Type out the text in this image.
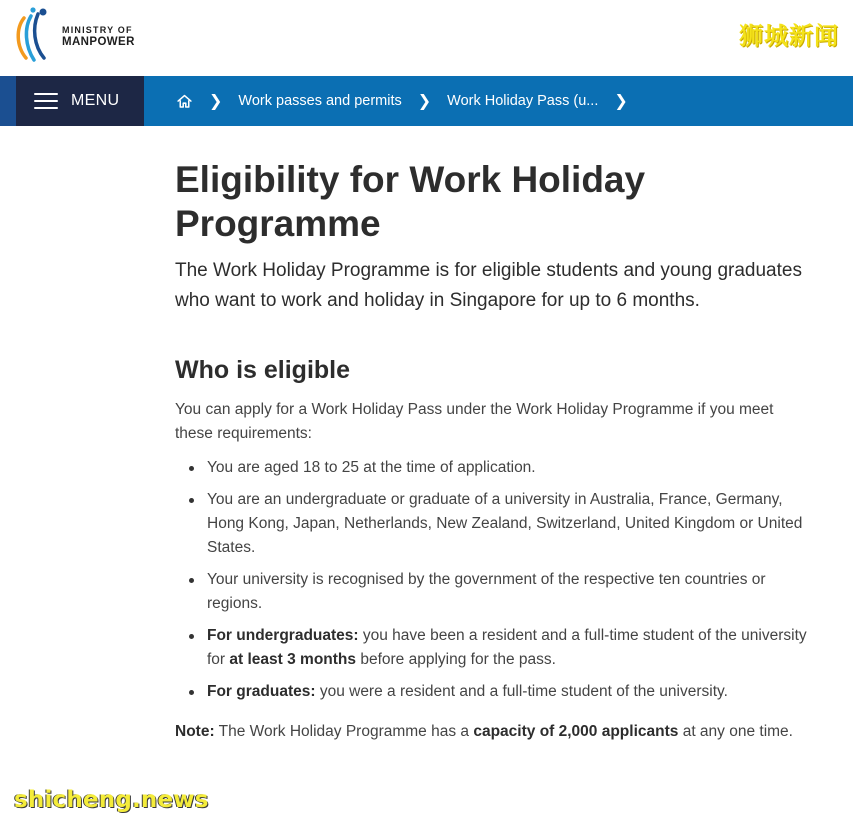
MINISTRY OF
MANPOWER	狮城新闻
MENU	❯ Work passes and permits ❯ Work Holiday Pass (u... ❯
Eligibility for Work Holiday Programme

The Work Holiday Programme is for eligible students and young graduates who want to work and holiday in Singapore for up to 6 months.

Who is eligible

You can apply for a Work Holiday Pass under the Work Holiday Programme if you meet these requirements:

You are aged 18 to 25 at the time of application.
You are an undergraduate or graduate of a university in Australia, France, Germany, Hong Kong, Japan, Netherlands, New Zealand, Switzerland, United Kingdom or United States.
Your university is recognised by the government of the respective ten countries or regions.
For undergraduates: you have been a resident and a full-time student of the university for at least 3 months before applying for the pass.
For graduates: you were a resident and a full-time student of the university.

Note: The Work Holiday Programme has a capacity of 2,000 applicants at any one time.

shicheng.news
